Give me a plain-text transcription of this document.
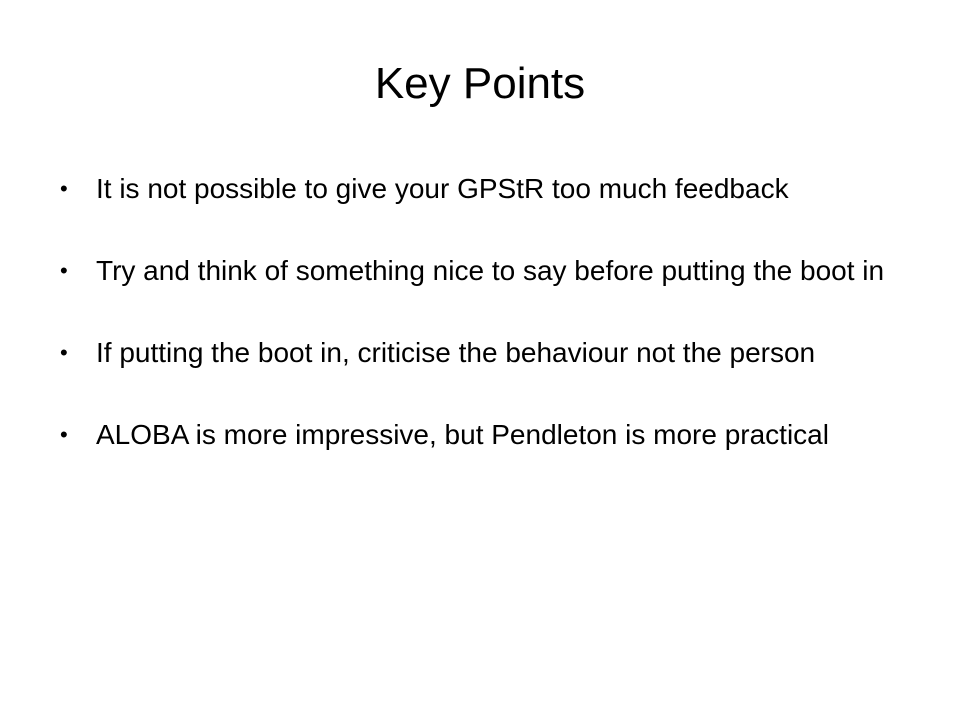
Key Points
•	It is not possible to give your GPStR too much feedback
•	Try and think of something nice to say before putting the boot in
•	If putting the boot in, criticise the behaviour not the person
•	ALOBA is more impressive, but Pendleton is more practical
